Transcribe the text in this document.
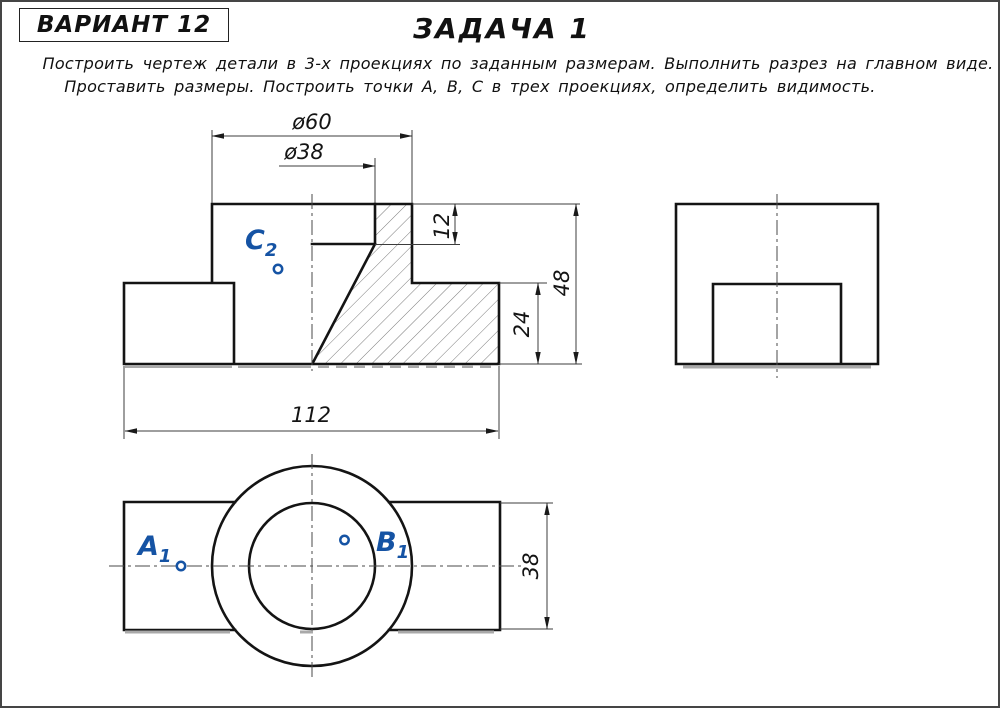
ВАРИАНТ 12	ЗАДАЧА 1
Построить чертеж детали в 3-х проекциях по заданным размерам. Выполнить разрез на главном виде.
Проставить размеры. Построить точки А, В, С в трех проекциях, определить видимость.
ø60
ø38
12
24
48
112
$C_2$
38
$A_1$	$B_1$
